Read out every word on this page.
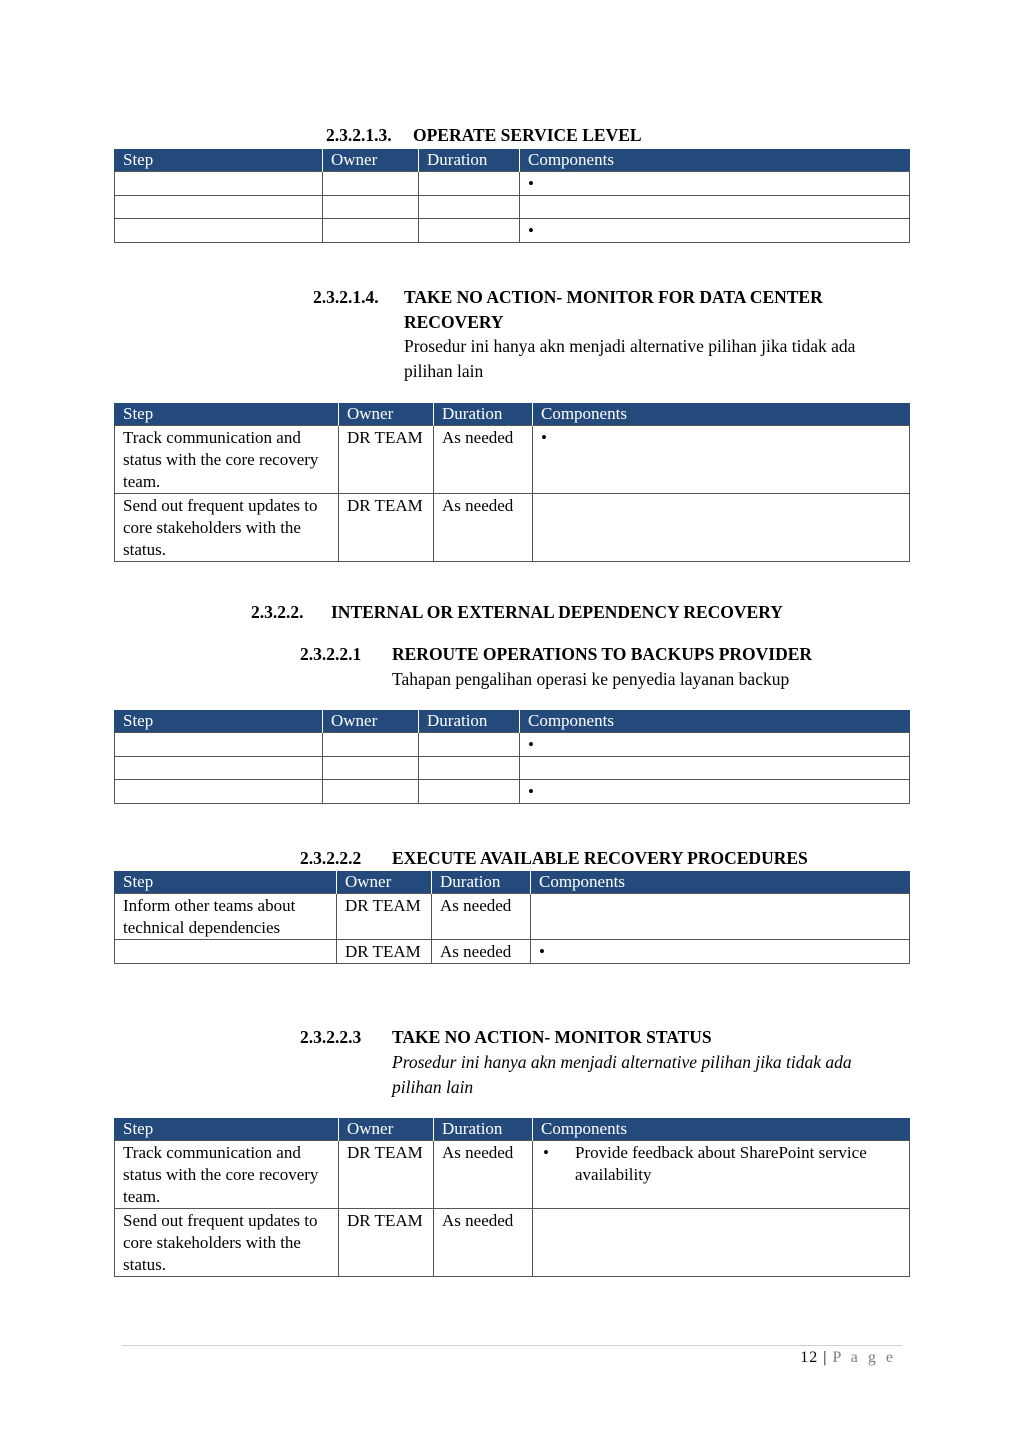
2.3.2.1.3. OPERATE SERVICE LEVEL
Step	Owner	Duration	Components
			•

			•
2.3.2.1.4. TAKE NO ACTION- MONITOR FOR DATA CENTER
RECOVERY
Prosedur ini hanya akn menjadi alternative pilihan jika tidak ada pilihan lain
Step	Owner	Duration	Components
Track communication and status with the core recovery team.	DR TEAM	As needed	•
Send out frequent updates to core stakeholders with the status.	DR TEAM	As needed	
2.3.2.2. INTERNAL OR EXTERNAL DEPENDENCY RECOVERY
2.3.2.2.1 REROUTE OPERATIONS TO BACKUPS PROVIDER
Tahapan pengalihan operasi ke penyedia layanan backup
Step	Owner	Duration	Components
			•

			•
2.3.2.2.2 EXECUTE AVAILABLE RECOVERY PROCEDURES
Step	Owner	Duration	Components
Inform other teams about technical dependencies	DR TEAM	As needed	
	DR TEAM	As needed	•
2.3.2.2.3 TAKE NO ACTION- MONITOR STATUS
Prosedur ini hanya akn menjadi alternative pilihan jika tidak ada pilihan lain
Step	Owner	Duration	Components
Track communication and status with the core recovery team.	DR TEAM	As needed	• Provide feedback about SharePoint service availability

Send out frequent updates to core stakeholders with the status.	DR TEAM	As needed	
12 | P a g e
